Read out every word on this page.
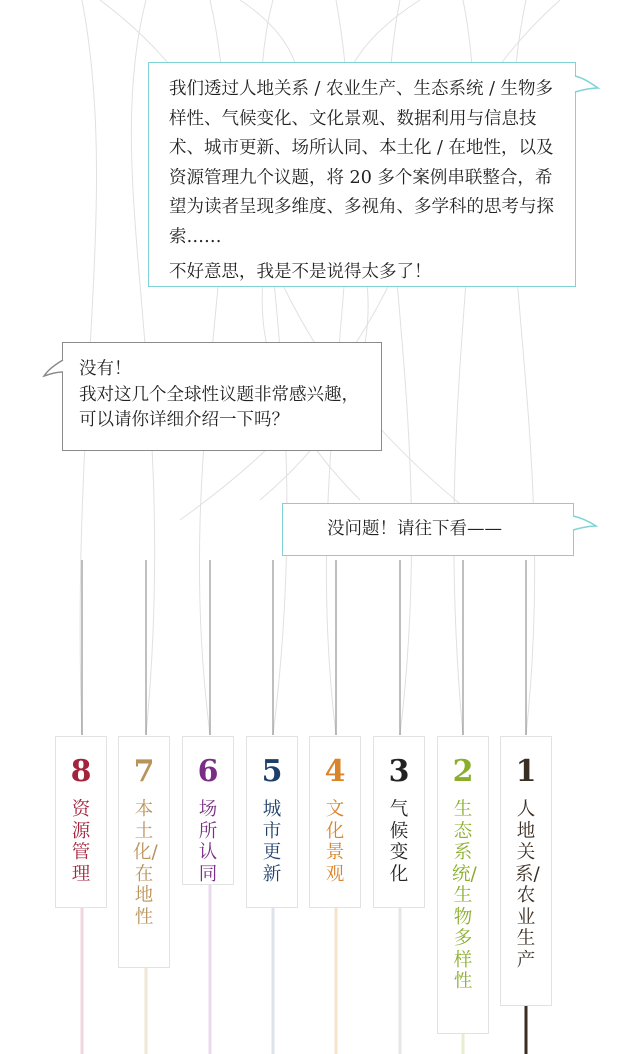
我们透过人地关系 / 农业生产、生态系统 / 生物多样性、气候变化、文化景观、数据利用与信息技术、城市更新、场所认同、本土化 / 在地性，以及资源管理九个议题，将 20 多个案例串联整合，希望为读者呈现多维度、多视角、多学科的思考与探索……

不好意思，我是不是说得太多了！

没有！

我对这几个全球性议题非常感兴趣，可以请你详细介绍一下吗？

没问题！请往下看——

8
资源管理
7
本土化/在地性
6
场所认同
5
城市更新
4
文化景观
3
气候变化
2
生态系统/生物多样性
1
人地关系/农业生产
